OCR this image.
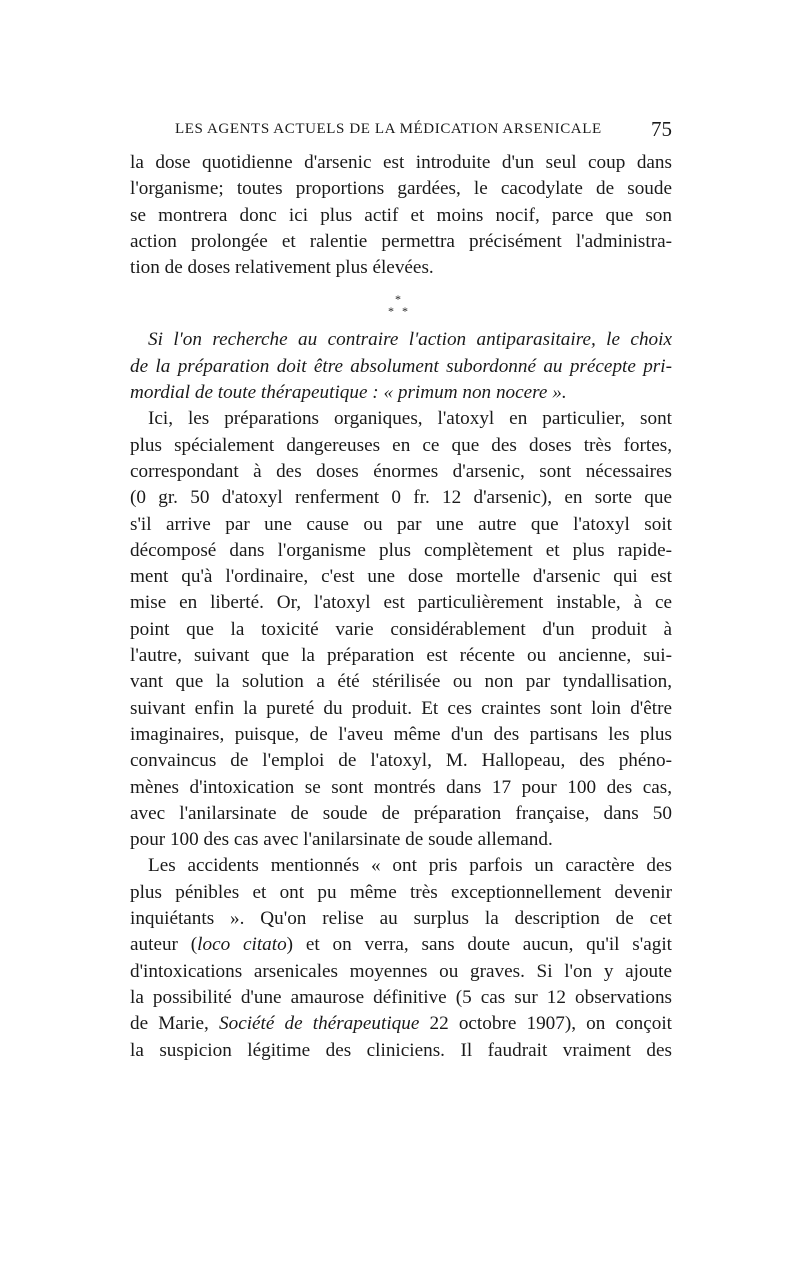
LES AGENTS ACTUELS DE LA MÉDICATION ARSENICALE 75
la dose quotidienne d'arsenic est introduite d'un seul coup dans
l'organisme; toutes proportions gardées, le cacodylate de soude
se montrera donc ici plus actif et moins nocif, parce que son
action prolongée et ralentie permettra précisément l'administra-
tion de doses relativement plus élevées.
*
* *
Si l'on recherche au contraire l'action antiparasitaire, le choix
de la préparation doit être absolument subordonné au précepte pri-
mordial de toute thérapeutique : « primum non nocere ».
Ici, les préparations organiques, l'atoxyl en particulier, sont
plus spécialement dangereuses en ce que des doses très fortes,
correspondant à des doses énormes d'arsenic, sont nécessaires
(0 gr. 50 d'atoxyl renferment 0 fr. 12 d'arsenic), en sorte que
s'il arrive par une cause ou par une autre que l'atoxyl soit
décomposé dans l'organisme plus complètement et plus rapide-
ment qu'à l'ordinaire, c'est une dose mortelle d'arsenic qui est
mise en liberté. Or, l'atoxyl est particulièrement instable, à ce
point que la toxicité varie considérablement d'un produit à
l'autre, suivant que la préparation est récente ou ancienne, sui-
vant que la solution a été stérilisée ou non par tyndallisation,
suivant enfin la pureté du produit. Et ces craintes sont loin d'être
imaginaires, puisque, de l'aveu même d'un des partisans les plus
convaincus de l'emploi de l'atoxyl, M. Hallopeau, des phéno-
mènes d'intoxication se sont montrés dans 17 pour 100 des cas,
avec l'anilarsinate de soude de préparation française, dans 50
pour 100 des cas avec l'anilarsinate de soude allemand.
Les accidents mentionnés « ont pris parfois un caractère des
plus pénibles et ont pu même très exceptionnellement devenir
inquiétants ». Qu'on relise au surplus la description de cet
auteur (loco citato) et on verra, sans doute aucun, qu'il s'agit
d'intoxications arsenicales moyennes ou graves. Si l'on y ajoute
la possibilité d'une amaurose définitive (5 cas sur 12 observations
de Marie, Société de thérapeutique 22 octobre 1907), on conçoit
la suspicion légitime des cliniciens. Il faudrait vraiment des
